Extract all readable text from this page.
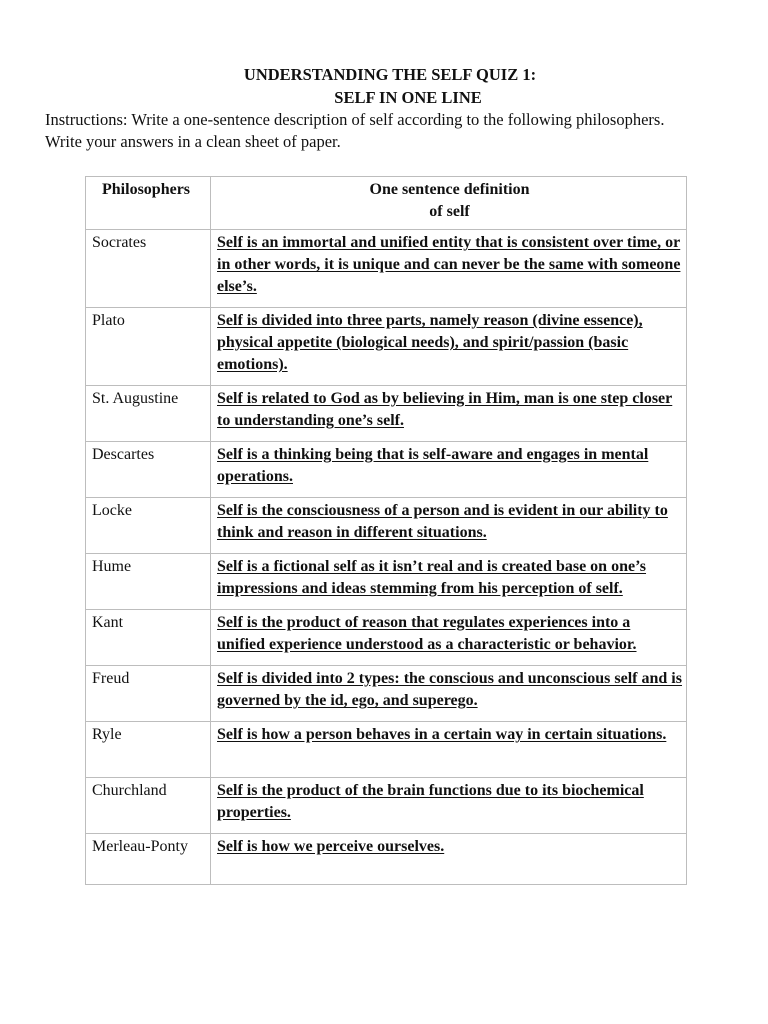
UNDERSTANDING THE SELF QUIZ 1:
SELF IN ONE LINE
Instructions: Write a one-sentence description of self according to the following philosophers.
Write your answers in a clean sheet of paper.
Philosophers	One sentence definition
of self

Socrates	Self is an immortal and unified entity that is consistent over time, or in other words, it is unique and can never be the same with someone else’s.
Plato	Self is divided into three parts, namely reason (divine essence), physical appetite (biological needs), and spirit/passion (basic emotions).
St. Augustine	Self is related to God as by believing in Him, man is one step closer to understanding one’s self.
Descartes	Self is a thinking being that is self-aware and engages in mental operations.
Locke	Self is the consciousness of a person and is evident in our ability to think and reason in different situations.
Hume	Self is a fictional self as it isn’t real and is created base on one’s impressions and ideas stemming from his perception of self.
Kant	Self is the product of reason that regulates experiences into a unified experience understood as a characteristic or behavior.
Freud	Self is divided into 2 types: the conscious and unconscious self and is governed by the id, ego, and superego.
Ryle	Self is how a person behaves in a certain way in certain situations.
Churchland	Self is the product of the brain functions due to its biochemical properties.
Merleau-Ponty	Self is how we perceive ourselves.
